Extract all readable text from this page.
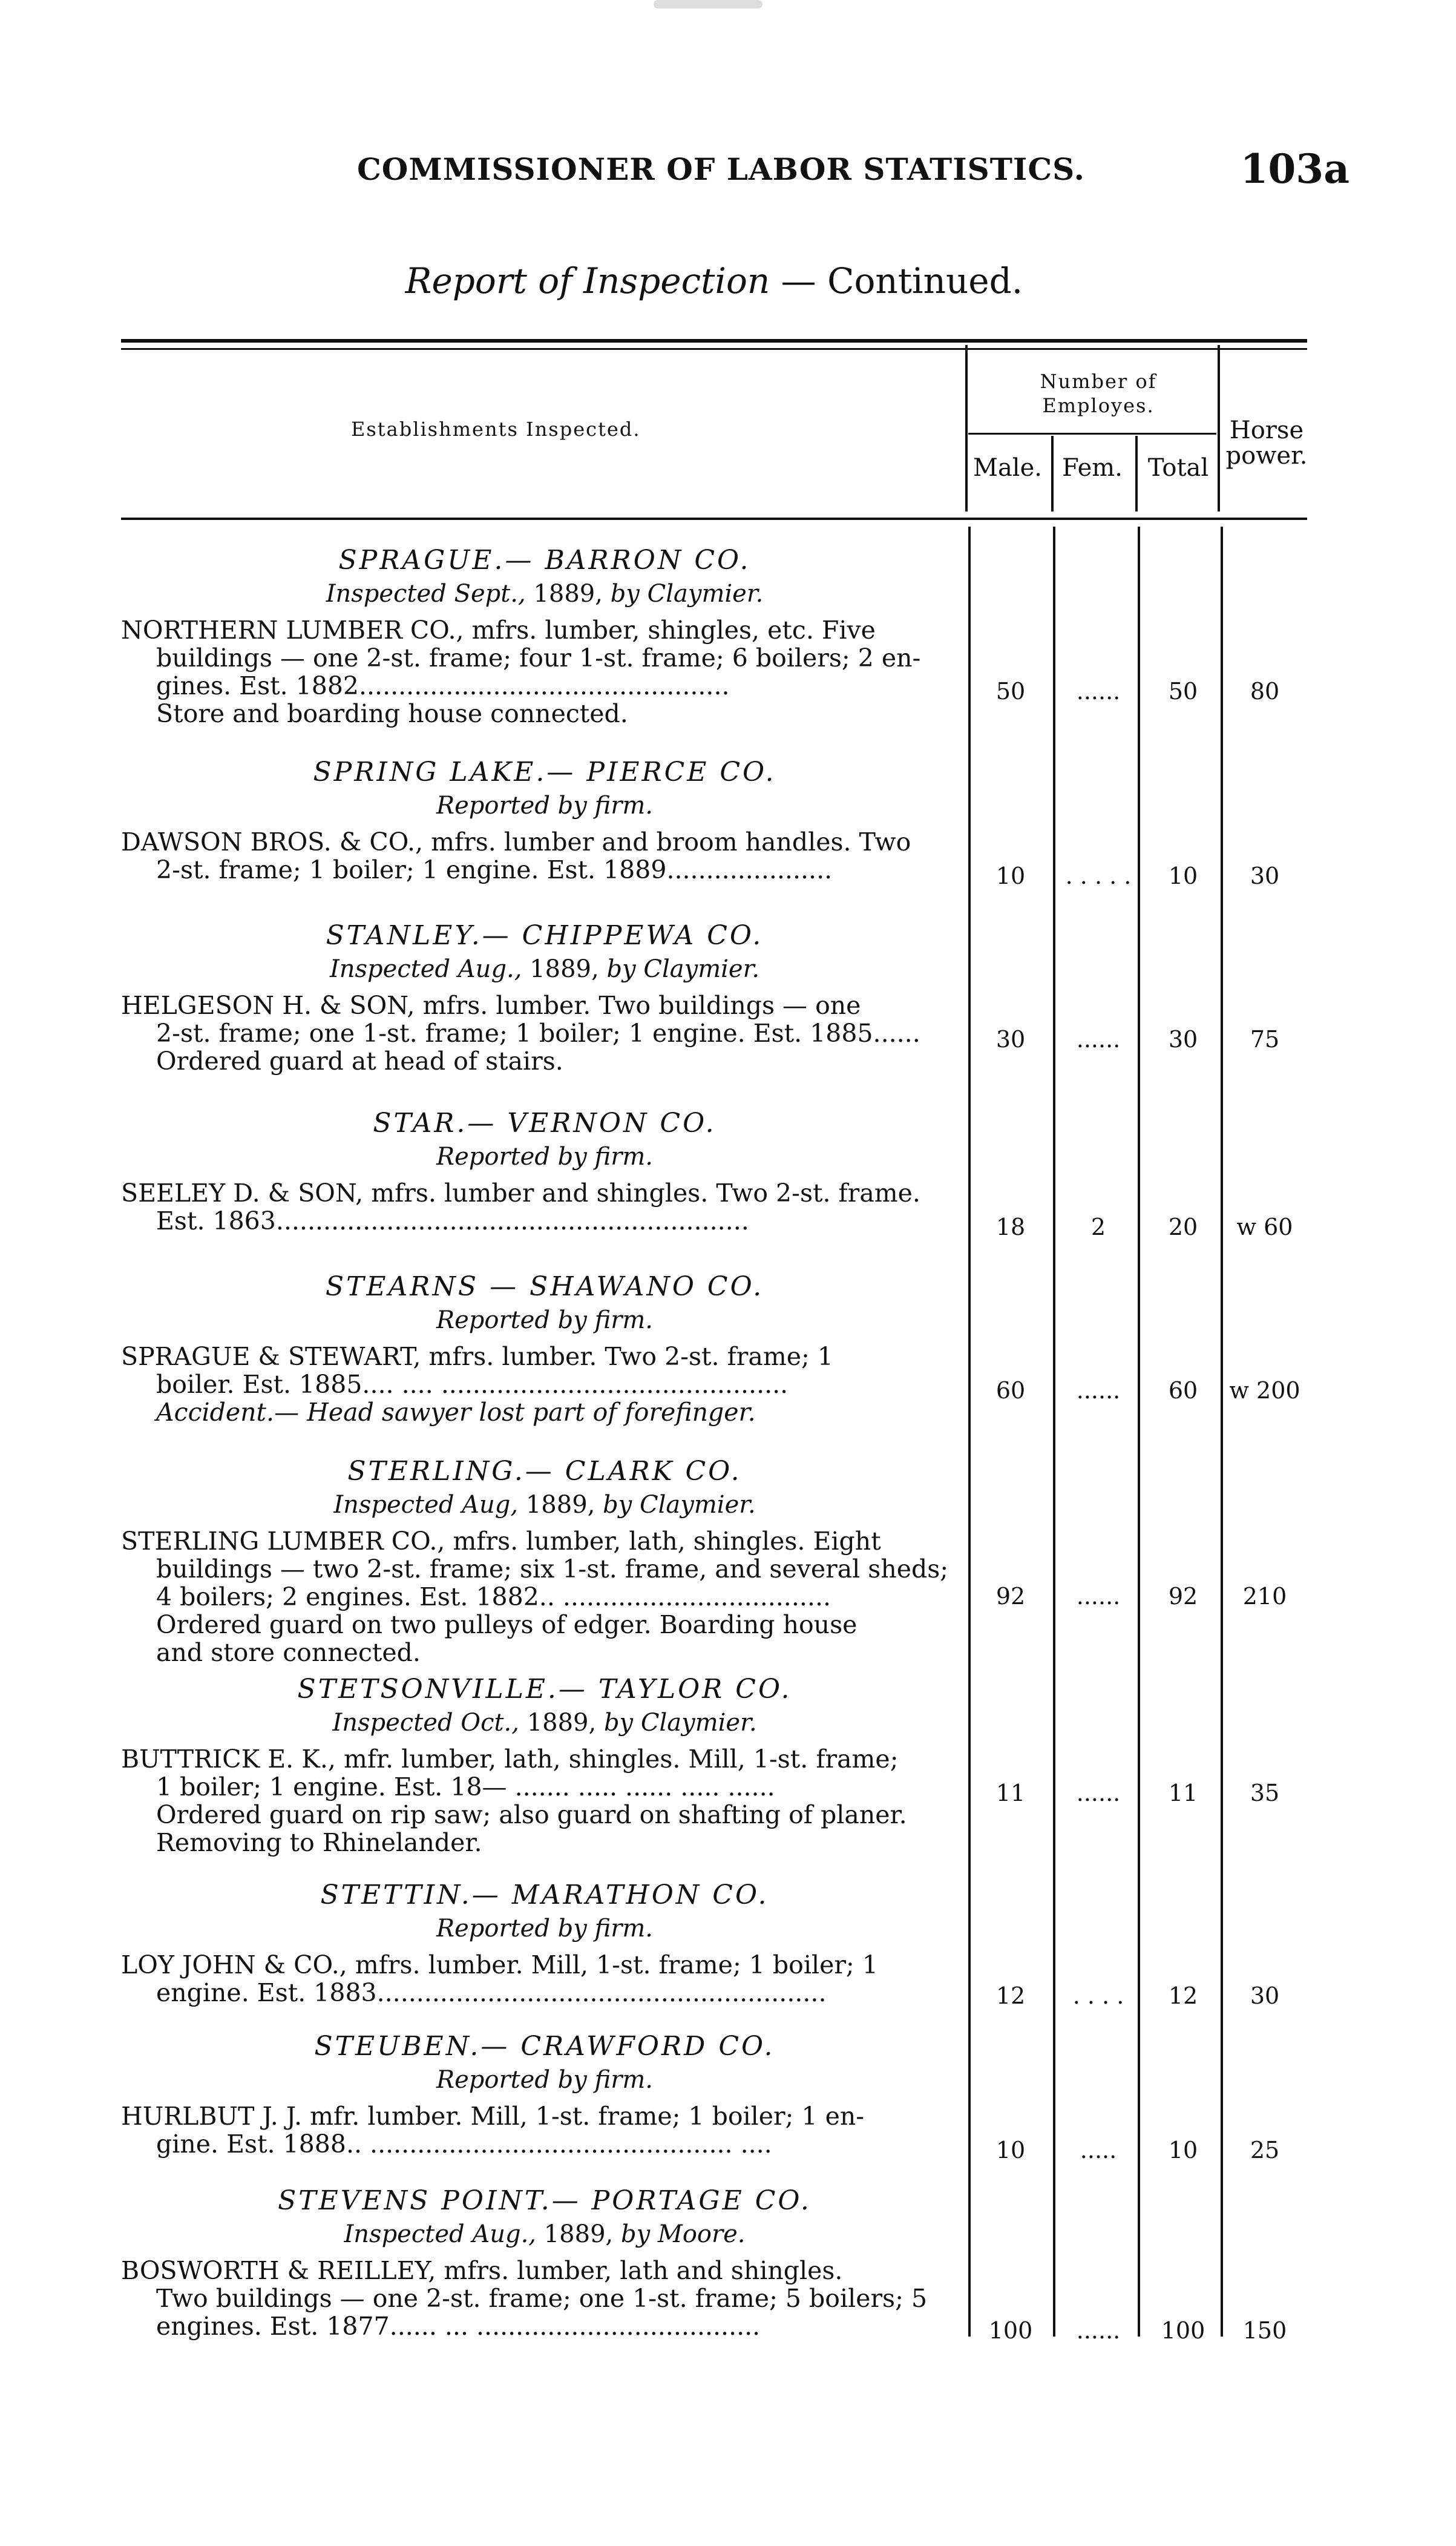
COMMISSIONER OF LABOR STATISTICS.	103a
Report of Inspection — Continued.
Establishments Inspected.
Number of
Employes.
Male. Fem.	Total
Horse
power.
SPRAGUE.— BARRON CO.
Inspected Sept., 1889, by Claymier.
NORTHERN LUMBER CO., mfrs. lumber, shingles, etc. Five
buildings — one 2-st. frame; four 1-st. frame; 6 boilers; 2 en-
gines. Est. 1882...............................................
Store and boarding house connected.
50	......	50	80
SPRING LAKE.— PIERCE CO.
Reported by firm.
DAWSON BROS. & CO., mfrs. lumber and broom handles. Two
2-st. frame; 1 boiler; 1 engine. Est. 1889.....................	10	. . . . .	10	30
STANLEY.— CHIPPEWA CO.
Inspected Aug., 1889, by Claymier.
HELGESON H. & SON, mfrs. lumber. Two buildings — one
2-st. frame; one 1-st. frame; 1 boiler; 1 engine. Est. 1885......
Ordered guard at head of stairs.
30	......	30	75
STAR.— VERNON CO.
Reported by firm.
SEELEY D. & SON, mfrs. lumber and shingles. Two 2-st. frame.
Est. 1863............................................................	18	2	20	w 60
STEARNS — SHAWANO CO.
Reported by firm.
SPRAGUE & STEWART, mfrs. lumber. Two 2-st. frame; 1
boiler. Est. 1885.... .... ............................................
Accident.— Head sawyer lost part of forefinger.
60	......	60	w 200
STERLING.— CLARK CO.
Inspected Aug, 1889, by Claymier.
STERLING LUMBER CO., mfrs. lumber, lath, shingles. Eight
buildings — two 2-st. frame; six 1-st. frame, and several sheds;
4 boilers; 2 engines. Est. 1882.. ..................................
Ordered guard on two pulleys of edger. Boarding house
and store connected.
92	......	92	210
STETSONVILLE.— TAYLOR CO.
Inspected Oct., 1889, by Claymier.
BUTTRICK E. K., mfr. lumber, lath, shingles. Mill, 1-st. frame;
1 boiler; 1 engine. Est. 18— ....... ..... ...... ..... ......
Ordered guard on rip saw; also guard on shafting of planer.
Removing to Rhinelander.
11	......	11	35
STETTIN.— MARATHON CO.
Reported by firm.
LOY JOHN & CO., mfrs. lumber. Mill, 1-st. frame; 1 boiler; 1
engine. Est. 1883.........................................................	12	. . . .	12	30
STEUBEN.— CRAWFORD CO.
Reported by firm.
HURLBUT J. J. mfr. lumber. Mill, 1-st. frame; 1 boiler; 1 en-
gine. Est. 1888.. .............................................. ....	10	.....	10	25
STEVENS POINT.— PORTAGE CO.
Inspected Aug., 1889, by Moore.
BOSWORTH & REILLEY, mfrs. lumber, lath and shingles.
Two buildings — one 2-st. frame; one 1-st. frame; 5 boilers; 5
engines. Est. 1877...... ... ....................................	100	......	100	150
